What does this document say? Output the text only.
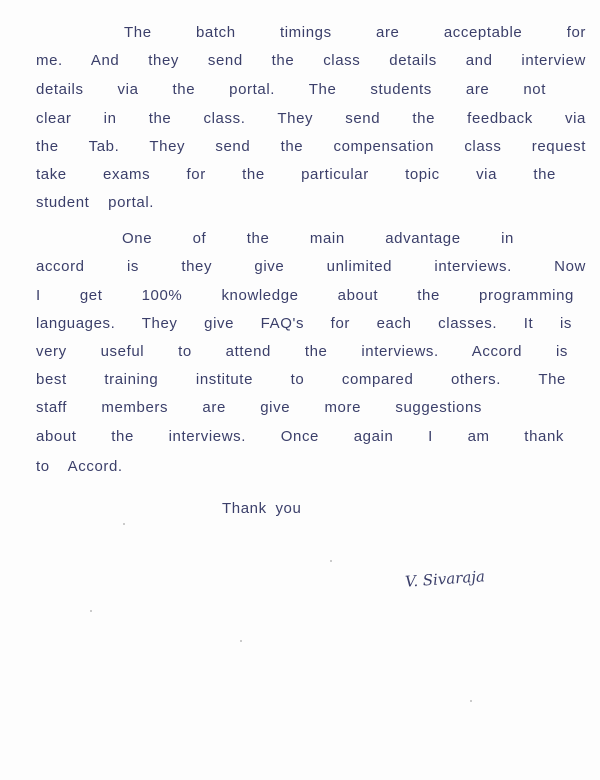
The batch timings are acceptable for
me. And they send the class details and interview
details via the portal. The students are not
clear in the class. They send the feedback via
the Tab. They send the compensation class request
take exams for the particular topic via the
student portal.
One of the main advantage in
accord is they give unlimited interviews. Now
I get 100% knowledge about the programming
languages. They give FAQ's for each classes. It is
very useful to attend the interviews. Accord is
best training institute to compared others. The
staff members are give more suggestions
about the interviews. Once again I am thank
to Accord.
Thank you
V. Sivaraja
